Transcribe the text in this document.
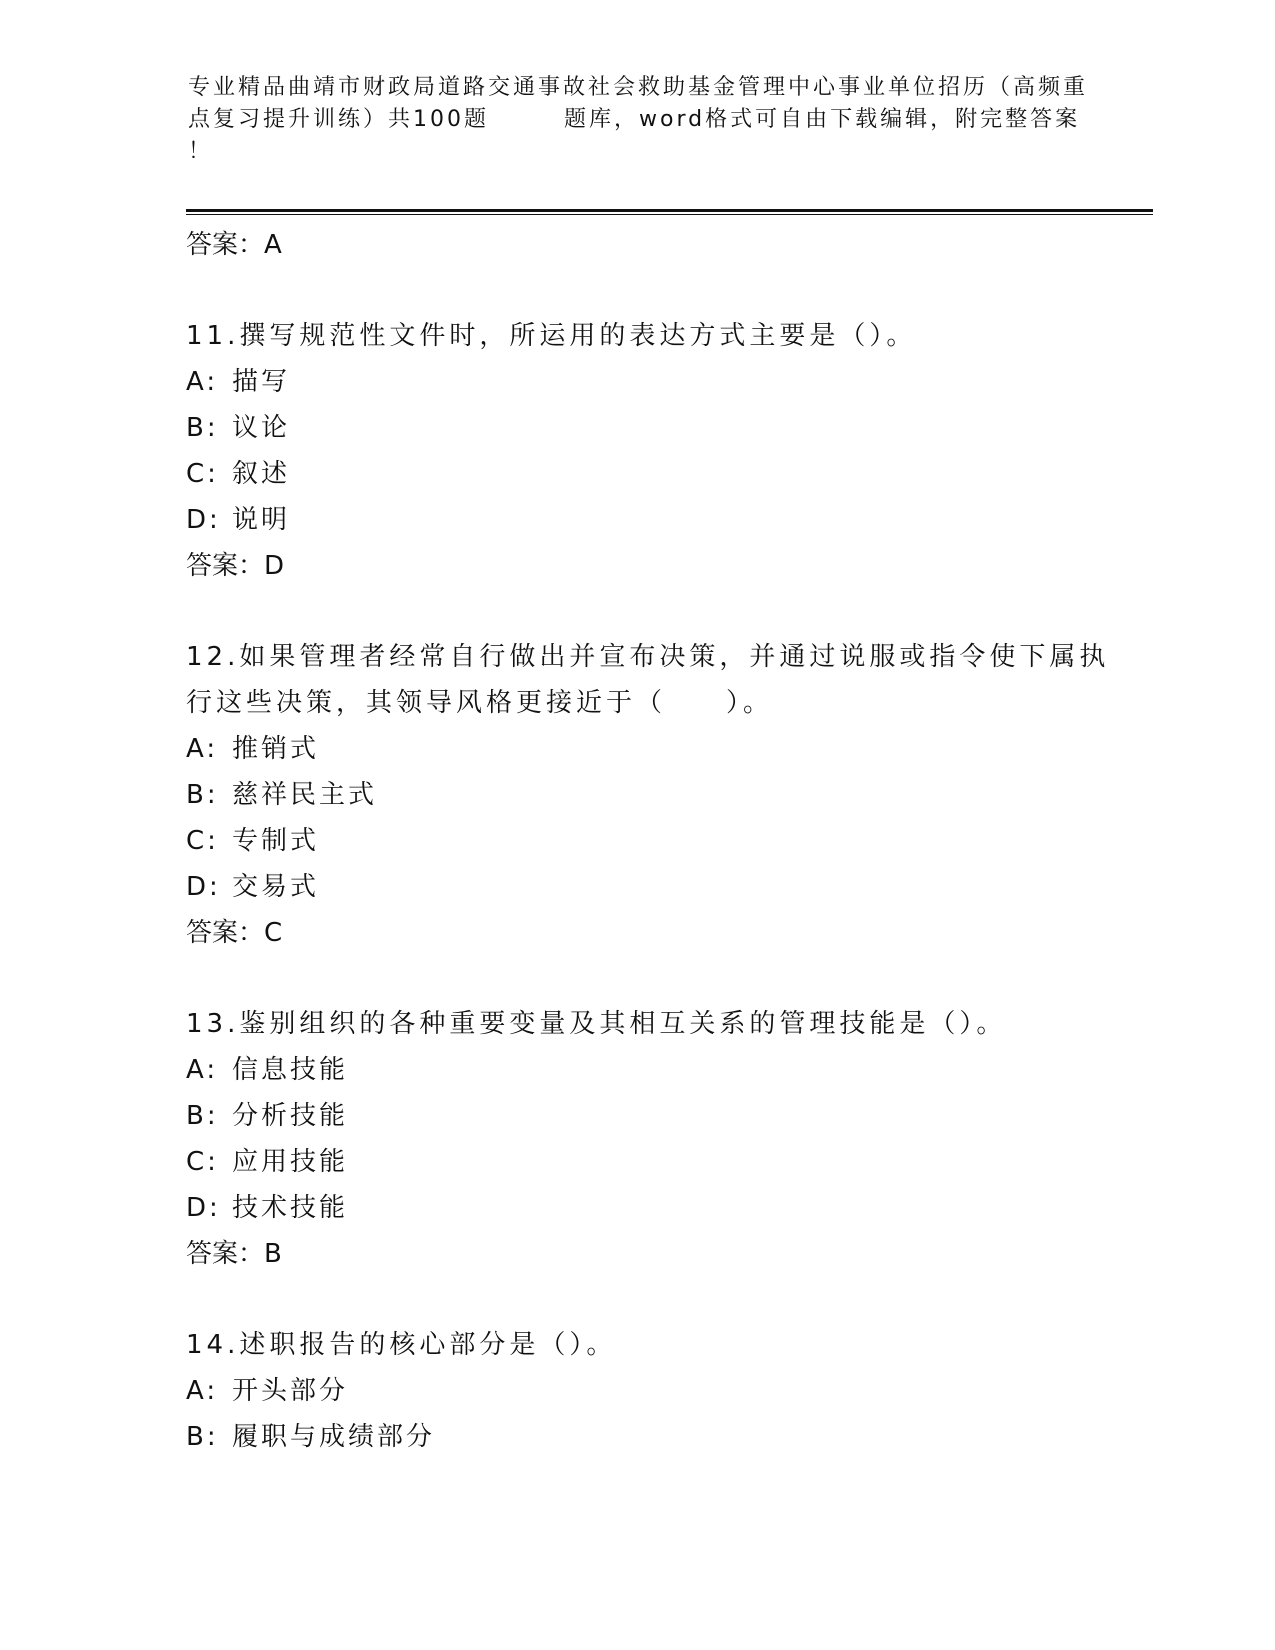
专业精品曲靖市财政局道路交通事故社会救助基金管理中心事业单位招历（高频重
点复习提升训练）共100题　　　题库，word格式可自由下载编辑，附完整答案
！
答案：A
11.撰写规范性文件时，所运用的表达方式主要是（）。
A: 描写
B: 议论
C: 叙述
D: 说明
答案：D
12.如果管理者经常自行做出并宣布决策，并通过说服或指令使下属执
行这些决策，其领导风格更接近于（　　）。
A: 推销式
B: 慈祥民主式
C: 专制式
D: 交易式
答案：C
13.鉴别组织的各种重要变量及其相互关系的管理技能是（）。
A: 信息技能
B: 分析技能
C: 应用技能
D: 技术技能
答案：B
14.述职报告的核心部分是（）。
A: 开头部分
B: 履职与成绩部分
